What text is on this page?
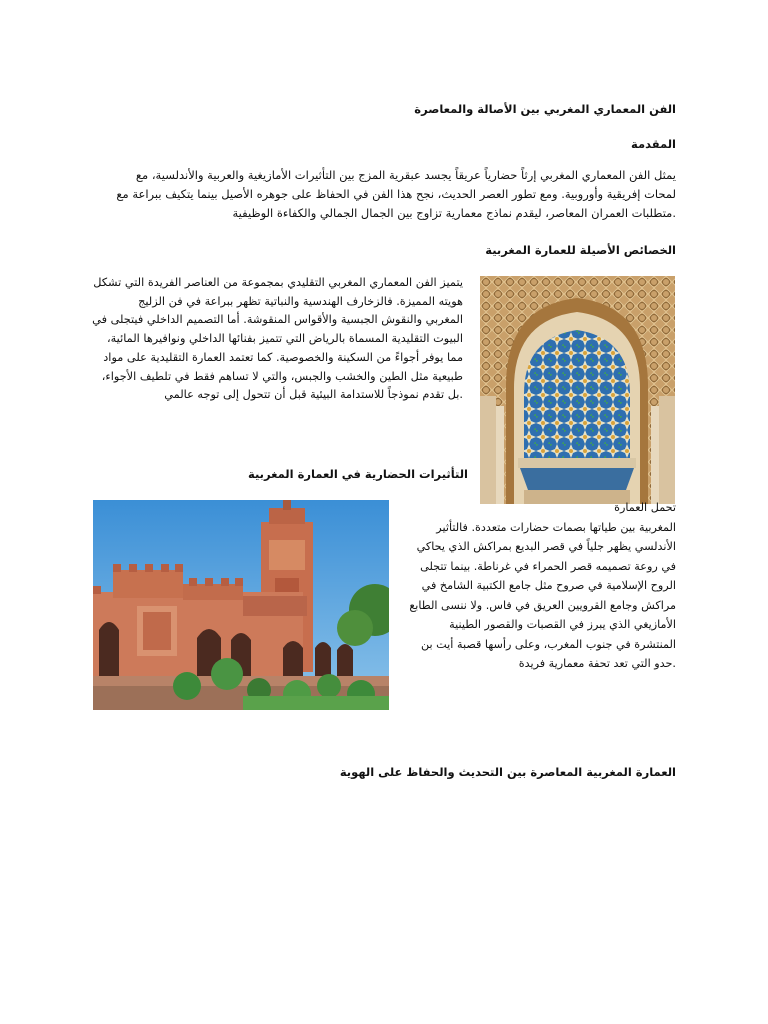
الفن المعماري المغربي بين الأصالة والمعاصرة
المقدمة
يمثل الفن المعماري المغربي إرثاً حضارياً عريقاً يجسد عبقرية المزج بين التأثيرات الأمازيغية والعربية والأندلسية، مع
لمحات إفريقية وأوروبية. ومع تطور العصر الحديث، نجح هذا الفن في الحفاظ على جوهره الأصيل بينما يتكيف ببراعة مع
.متطلبات العمران المعاصر، ليقدم نماذج معمارية تزاوج بين الجمال الجمالي والكفاءة الوظيفية
الخصائص الأصيلة للعمارة المغربية
يتميز الفن المعماري المغربي التقليدي بمجموعة من العناصر الفريدة التي تشكل
هويته المميزة. فالزخارف الهندسية والنباتية تظهر ببراعة في فن الزليج
المغربي والنقوش الجبسية والأقواس المنقوشة. أما التصميم الداخلي فيتجلى في
البيوت التقليدية المسماة بالرياض التي تتميز بفنائها الداخلي ونوافيرها المائية،
مما يوفر أجواءً من السكينة والخصوصية. كما تعتمد العمارة التقليدية على مواد
طبيعية مثل الطين والخشب والجبس، والتي لا تساهم فقط في تلطيف الأجواء،
.بل تقدم نموذجاً للاستدامة البيئية قبل أن تتحول إلى توجه عالمي
التأثيرات الحضارية في العمارة المغربية
تحمل العمارة
المغربية بين طياتها بصمات حضارات متعددة. فالتأثير
الأندلسي يظهر جلياً في قصر البديع بمراكش الذي يحاكي
في روعة تصميمه قصر الحمراء في غرناطة. بينما تتجلى
الروح الإسلامية في صروح مثل جامع الكتبية الشامخ في
مراكش وجامع القرويين العريق في فاس. ولا ننسى الطابع
الأمازيغي الذي يبرز في القصبات والقصور الطينية
المنتشرة في جنوب المغرب، وعلى رأسها قصبة أيت بن
.حدو التي تعد تحفة معمارية فريدة
العمارة المغربية المعاصرة بين التحديث والحفاظ على الهوية
